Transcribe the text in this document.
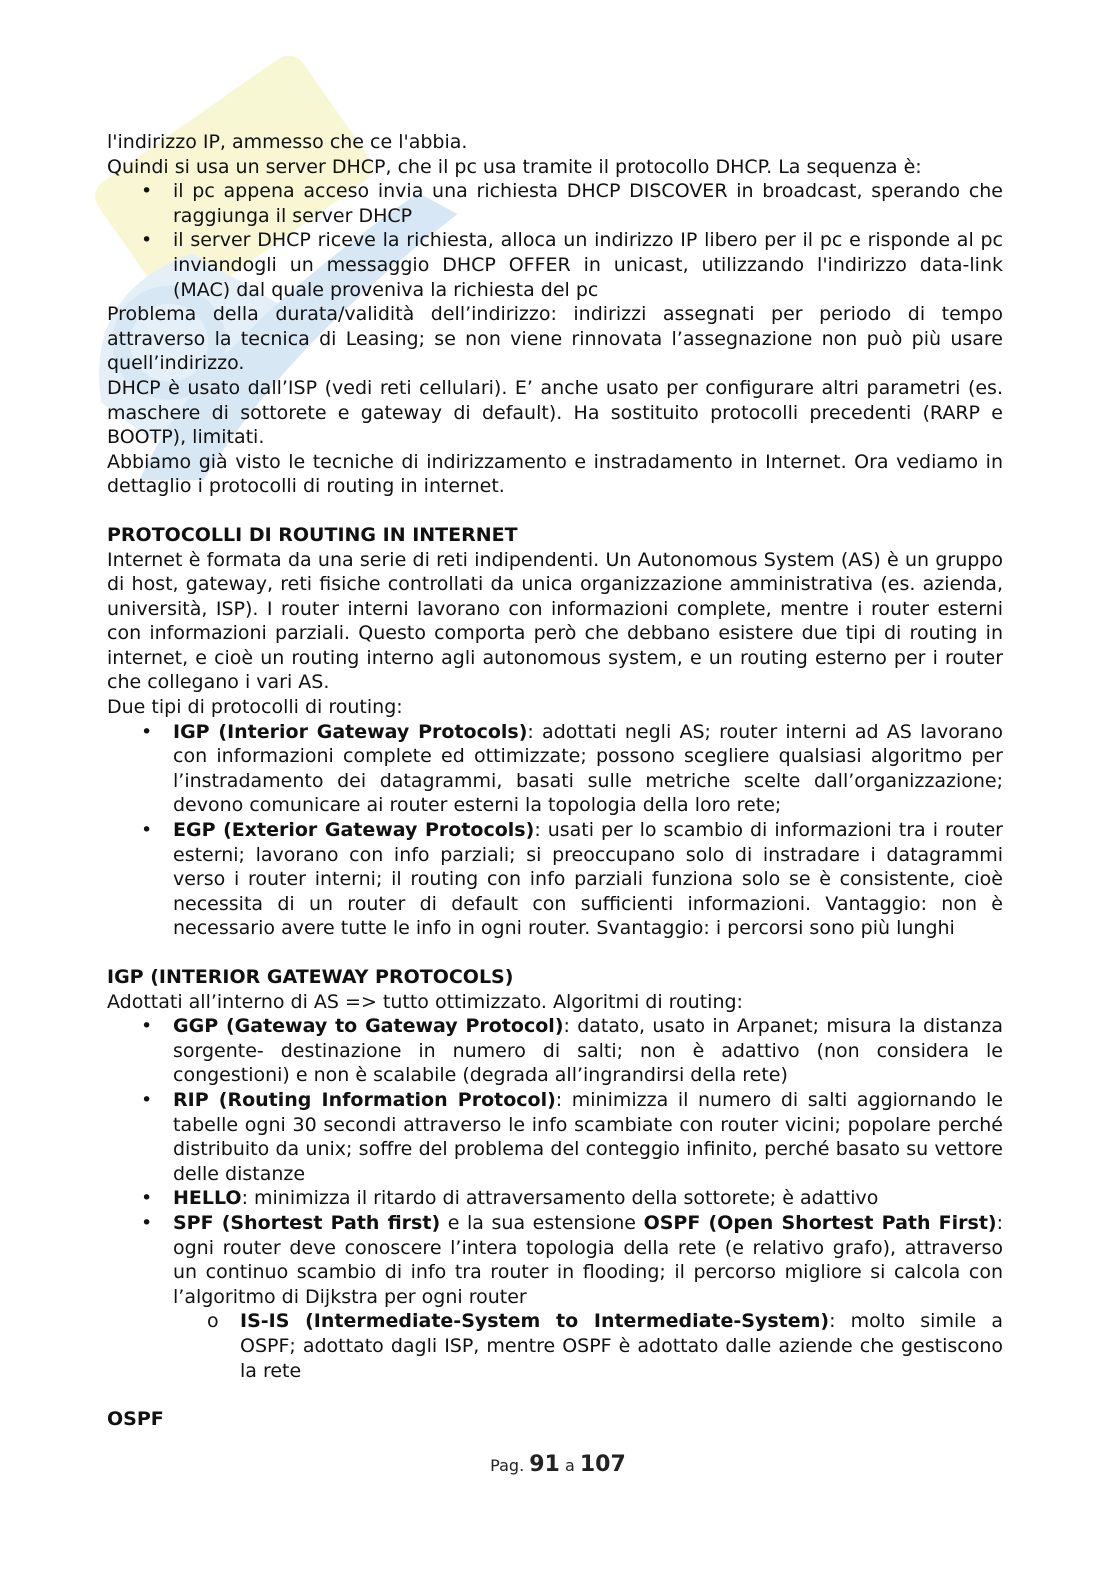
l'indirizzo IP, ammesso che ce l'abbia.

Quindi si usa un server DHCP, che il pc usa tramite il protocollo DHCP. La sequenza è:

• il pc appena acceso invia una richiesta DHCP DISCOVER in broadcast, sperando che raggiunga il server DHCP
• il server DHCP riceve la richiesta, alloca un indirizzo IP libero per il pc e risponde al pc inviandogli un messaggio DHCP OFFER in unicast, utilizzando l'indirizzo data-link (MAC) dal quale proveniva la richiesta del pc

Problema della durata/validità dell’indirizzo: indirizzi assegnati per periodo di tempo attraverso la tecnica di Leasing; se non viene rinnovata l’assegnazione non può più usare quell’indirizzo.

DHCP è usato dall’ISP (vedi reti cellulari). E’ anche usato per configurare altri parametri (es. maschere di sottorete e gateway di default). Ha sostituito protocolli precedenti (RARP e BOOTP), limitati.

Abbiamo già visto le tecniche di indirizzamento e instradamento in Internet. Ora vediamo in dettaglio i protocolli di routing in internet.

PROTOCOLLI DI ROUTING IN INTERNET

Internet è formata da una serie di reti indipendenti. Un Autonomous System (AS) è un gruppo di host, gateway, reti fisiche controllati da unica organizzazione amministrativa (es. azienda, università, ISP). I router interni lavorano con informazioni complete, mentre i router esterni con informazioni parziali. Questo comporta però che debbano esistere due tipi di routing in internet, e cioè un routing interno agli autonomous system, e un routing esterno per i router che collegano i vari AS.

Due tipi di protocolli di routing:

• IGP (Interior Gateway Protocols): adottati negli AS; router interni ad AS lavorano con informazioni complete ed ottimizzate; possono scegliere qualsiasi algoritmo per l’instradamento dei datagrammi, basati sulle metriche scelte dall’organizzazione; devono comunicare ai router esterni la topologia della loro rete;
• EGP (Exterior Gateway Protocols): usati per lo scambio di informazioni tra i router esterni; lavorano con info parziali; si preoccupano solo di instradare i datagrammi verso i router interni; il routing con info parziali funziona solo se è consistente, cioè necessita di un router di default con sufficienti informazioni. Vantaggio: non è necessario avere tutte le info in ogni router. Svantaggio: i percorsi sono più lunghi
IGP (INTERIOR GATEWAY PROTOCOLS)

Adottati all’interno di AS => tutto ottimizzato. Algoritmi di routing:

• GGP (Gateway to Gateway Protocol): datato, usato in Arpanet; misura la distanza sorgente- destinazione in numero di salti; non è adattivo (non considera le congestioni) e non è scalabile (degrada all’ingrandirsi della rete)
• RIP (Routing Information Protocol): minimizza il numero di salti aggiornando le tabelle ogni 30 secondi attraverso le info scambiate con router vicini; popolare perché distribuito da unix; soffre del problema del conteggio infinito, perché basato su vettore delle distanze
• HELLO: minimizza il ritardo di attraversamento della sottorete; è adattivo
• SPF (Shortest Path first) e la sua estensione OSPF (Open Shortest Path First): ogni router deve conoscere l’intera topologia della rete (e relativo grafo), attraverso un continuo scambio di info tra router in flooding; il percorso migliore si calcola con l’algoritmo di Dijkstra per ogni router
o IS-IS (Intermediate-System to Intermediate-System): molto simile a OSPF; adottato dagli ISP, mentre OSPF è adottato dalle aziende che gestiscono la rete
OSPF
Pag. 91 a 107
